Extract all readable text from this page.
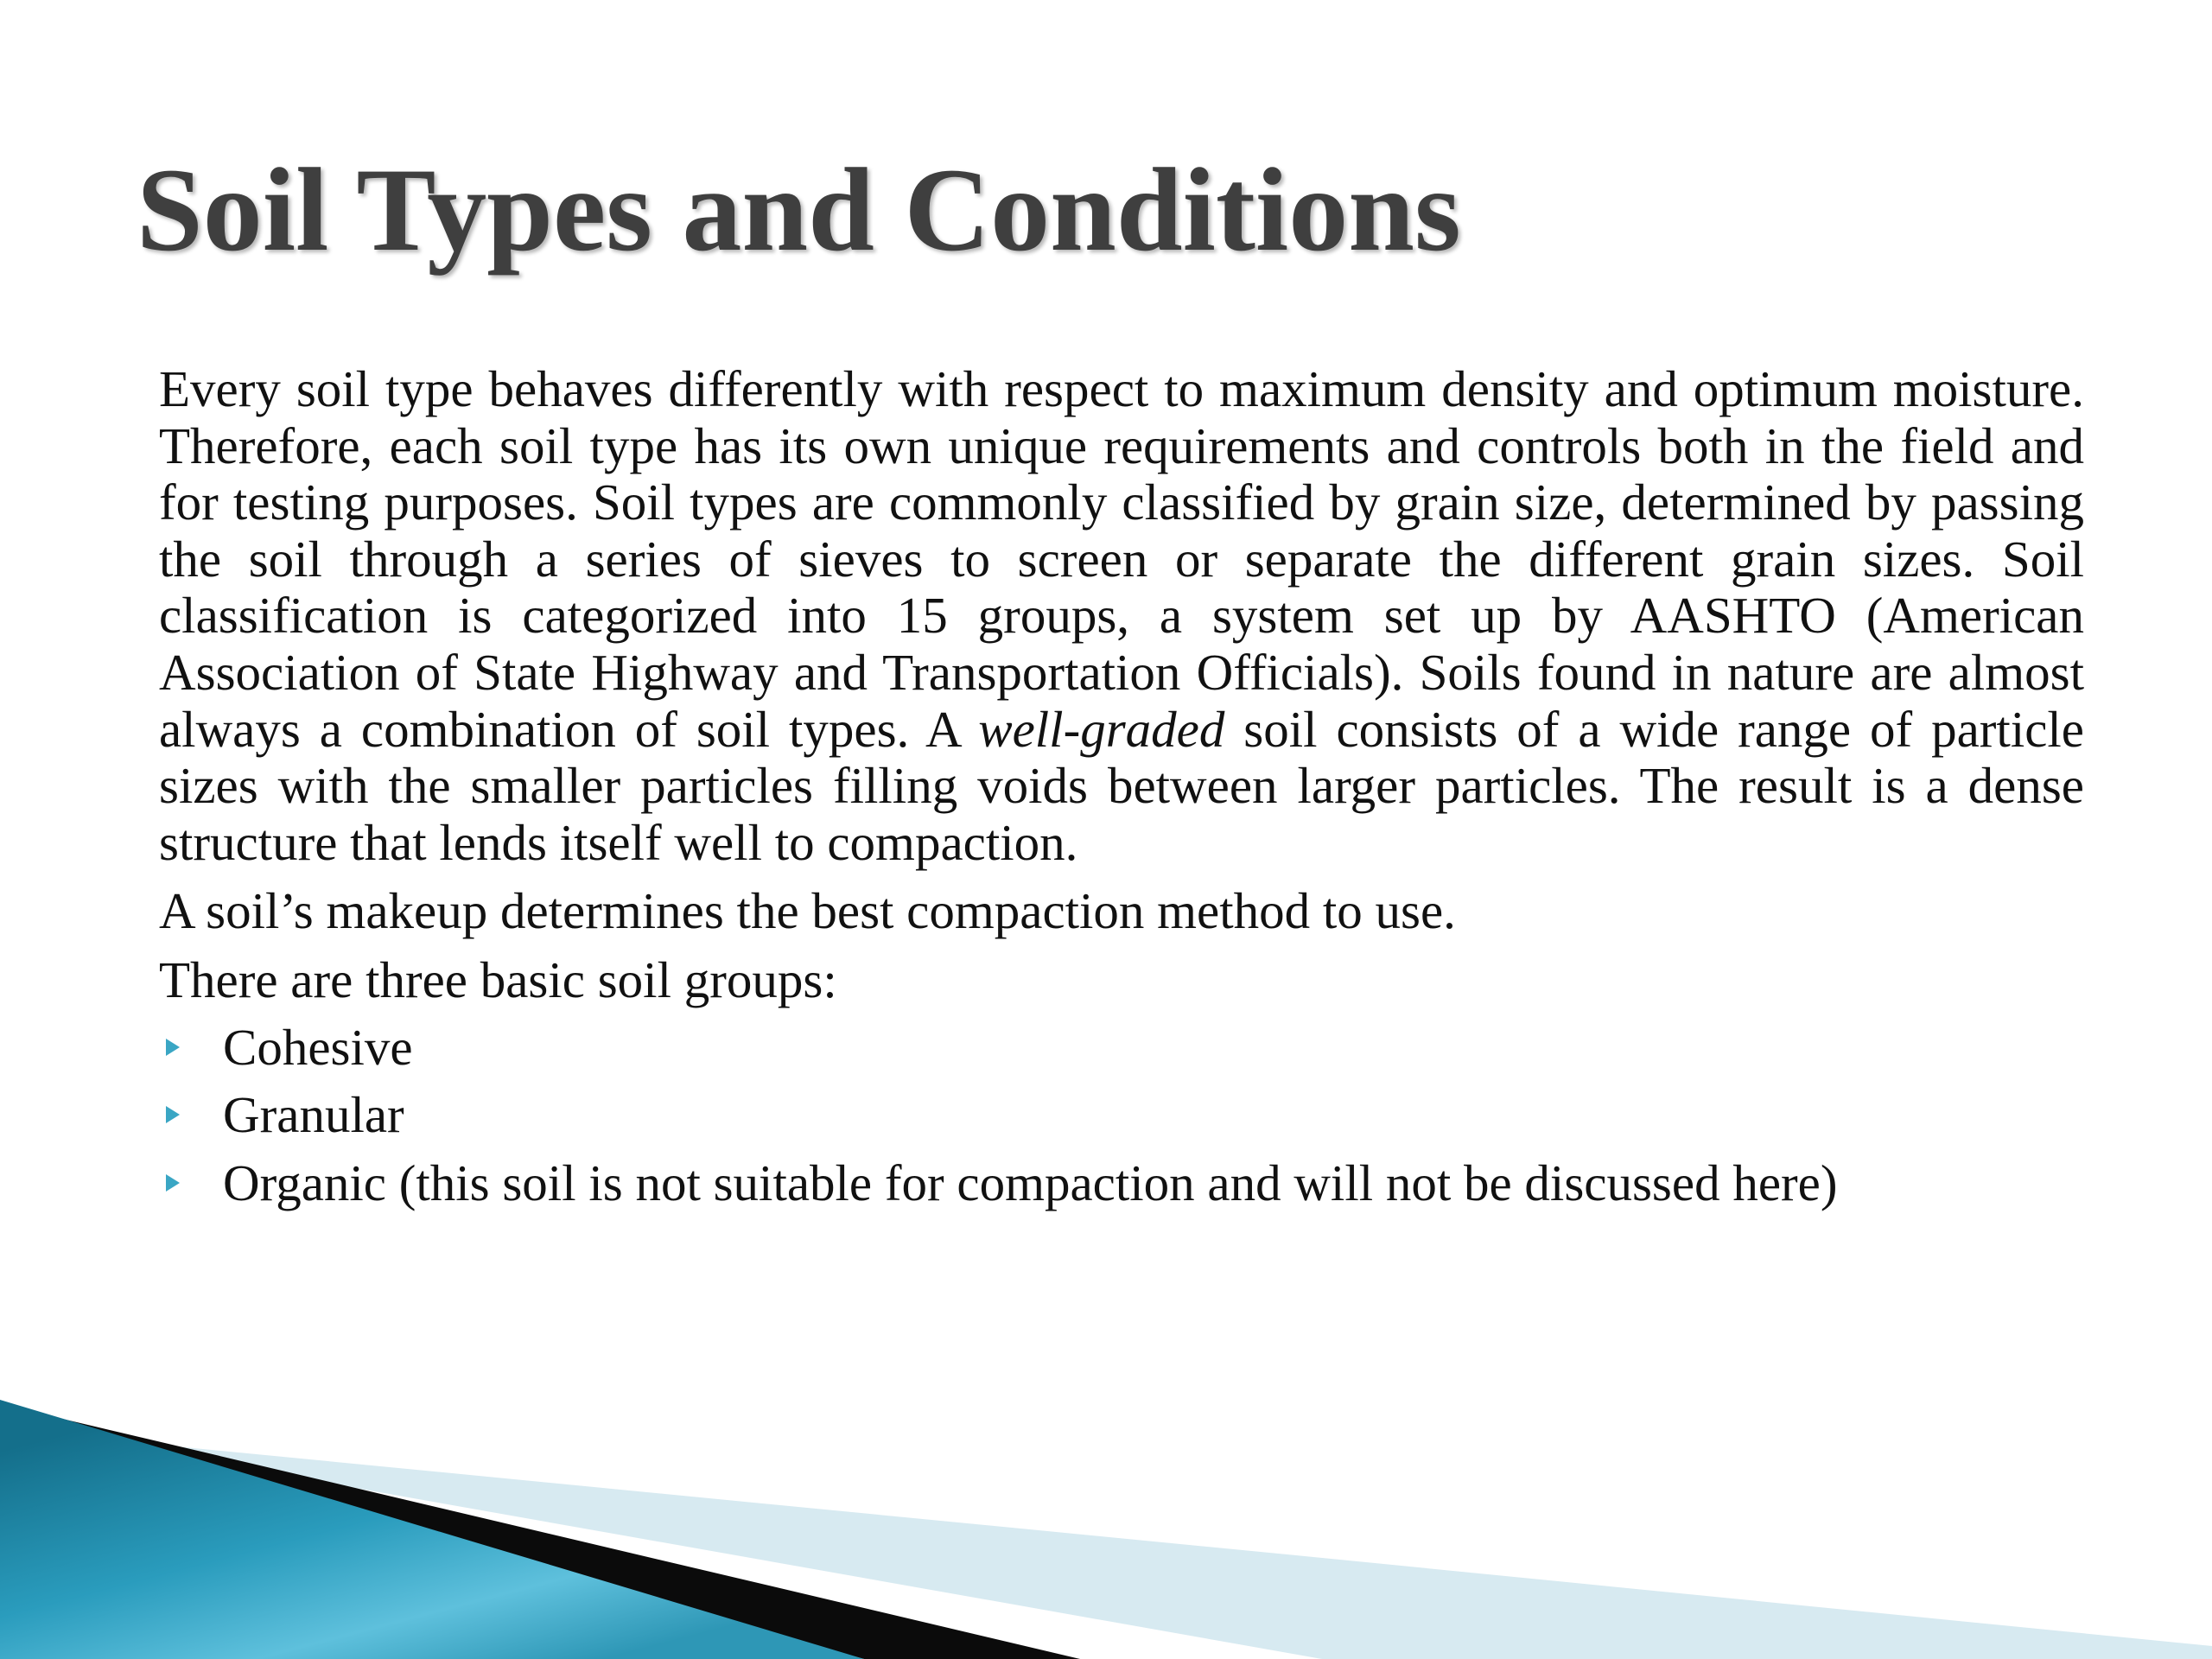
Soil Types and Conditions

Every soil type behaves differently with respect to maximum density and optimum moisture. Therefore, each soil type has its own unique requirements and controls both in the field and for testing purposes. Soil types are commonly classified by grain size, determined by passing the soil through a series of sieves to screen or separate the different grain sizes. Soil classification is categorized into 15 groups, a system set up by AASHTO (American Association of State Highway and Transportation Officials). Soils found in nature are almost always a combination of soil types. A well-graded soil consists of a wide range of particle sizes with the smaller particles filling voids between larger particles. The result is a dense structure that lends itself well to compaction.

A soil’s makeup determines the best compaction method to use.

There are three basic soil groups:

Cohesive
Granular
Organic (this soil is not suitable for compaction and will not be discussed here)
